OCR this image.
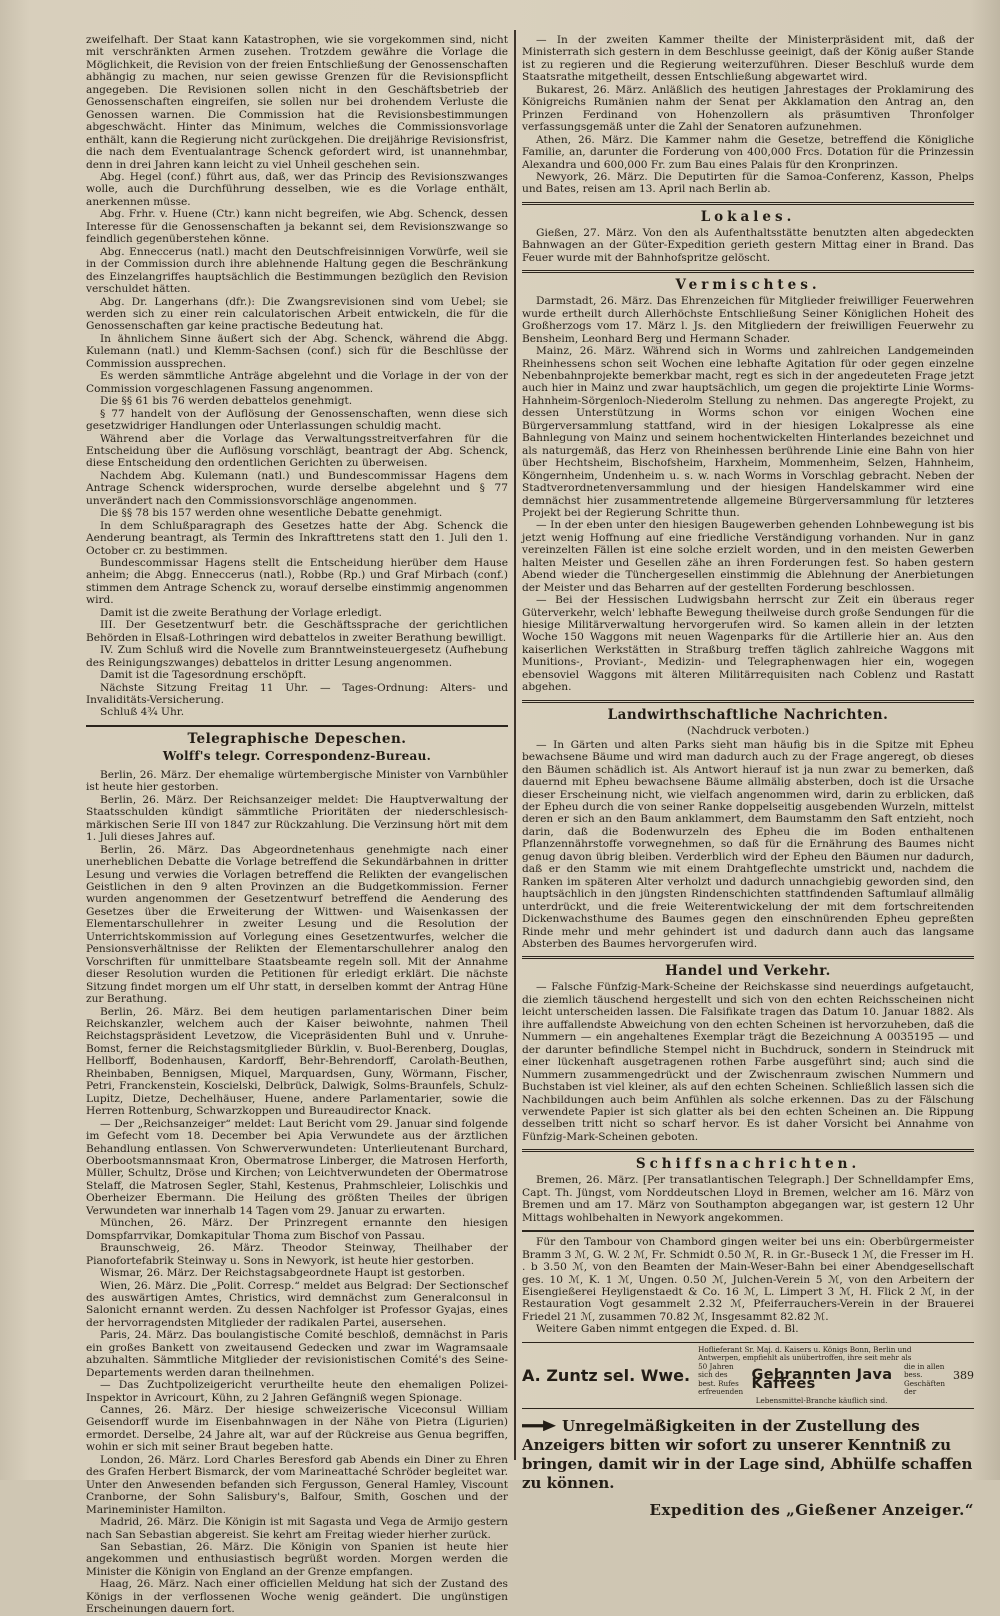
zweifelhaft. Der Staat kann Katastrophen, wie sie vorgekommen sind, nicht mit verschränkten Armen zusehen. Trotzdem gewähre die Vorlage die Möglichkeit, die Revision von der freien Entschließung der Genossenschaften abhängig zu machen, nur seien gewisse Grenzen für die Revisionspflicht angegeben. Die Revisionen sollen nicht in den Geschäftsbetrieb der Genossenschaften eingreifen, sie sollen nur bei drohendem Verluste die Genossen warnen. Die Commission hat die Revisionsbestimmungen abgeschwächt. Hinter das Minimum, welches die Commissionsvorlage enthält, kann die Regierung nicht zurückgehen. Die dreijährige Revisionsfrist, die nach dem Eventualantrage Schenck gefordert wird, ist unannehmbar, denn in drei Jahren kann leicht zu viel Unheil geschehen sein.

Abg. Hegel (conf.) führt aus, daß, wer das Princip des Revisionszwanges wolle, auch die Durchführung desselben, wie es die Vorlage enthält, anerkennen müsse.

Abg. Frhr. v. Huene (Ctr.) kann nicht begreifen, wie Abg. Schenck, dessen Interesse für die Genossenschaften ja bekannt sei, dem Revisionszwange so feindlich gegenüberstehen könne.

Abg. Enneccerus (natl.) macht den Deutschfreisinnigen Vorwürfe, weil sie in der Commission durch ihre ablehnende Haltung gegen die Beschränkung des Einzelangriffes hauptsächlich die Bestimmungen bezüglich den Revision verschuldet hätten.

Abg. Dr. Langerhans (dfr.): Die Zwangsrevisionen sind vom Uebel; sie werden sich zu einer rein calculatorischen Arbeit entwickeln, die für die Genossenschaften gar keine practische Bedeutung hat.

In ähnlichem Sinne äußert sich der Abg. Schenck, während die Abgg. Kulemann (natl.) und Klemm-Sachsen (conf.) sich für die Beschlüsse der Commission aussprechen.

Es werden sämmtliche Anträge abgelehnt und die Vorlage in der von der Commission vorgeschlagenen Fassung angenommen.

Die §§ 61 bis 76 werden debattelos genehmigt.

§ 77 handelt von der Auflösung der Genossenschaften, wenn diese sich gesetzwidriger Handlungen oder Unterlassungen schuldig macht.

Während aber die Vorlage das Verwaltungsstreitverfahren für die Entscheidung über die Auflösung vorschlägt, beantragt der Abg. Schenck, diese Entscheidung den ordentlichen Gerichten zu überweisen.

Nachdem Abg. Kulemann (natl.) und Bundescommissar Hagens dem Antrage Schenck widersprochen, wurde derselbe abgelehnt und § 77 unverändert nach den Commissionsvorschläge angenommen.

Die §§ 78 bis 157 werden ohne wesentliche Debatte genehmigt.

In dem Schlußparagraph des Gesetzes hatte der Abg. Schenck die Aenderung beantragt, als Termin des Inkrafttretens statt den 1. Juli den 1. October cr. zu bestimmen.

Bundescommissar Hagens stellt die Entscheidung hierüber dem Hause anheim; die Abgg. Enneccerus (natl.), Robbe (Rp.) und Graf Mirbach (conf.) stimmen dem Antrage Schenck zu, worauf derselbe einstimmig angenommen wird.

Damit ist die zweite Berathung der Vorlage erledigt.

III. Der Gesetzentwurf betr. die Geschäftssprache der gerichtlichen Behörden in Elsaß-Lothringen wird debattelos in zweiter Berathung bewilligt.

IV. Zum Schluß wird die Novelle zum Branntweinsteuergesetz (Aufhebung des Reinigungszwanges) debattelos in dritter Lesung angenommen.

Damit ist die Tagesordnung erschöpft.

Nächste Sitzung Freitag 11 Uhr. — Tages-Ordnung: Alters- und Invaliditäts-Versicherung.

Schluß 4¾ Uhr.

Telegraphische Depeschen.
Wolff's telegr. Correspondenz-Bureau.

Berlin, 26. März. Der ehemalige würtembergische Minister von Varnbühler ist heute hier gestorben.

Berlin, 26. März. Der Reichsanzeiger meldet: Die Hauptverwaltung der Staatsschulden kündigt sämmtliche Prioritäten der niederschlesisch-märkischen Serie III von 1847 zur Rückzahlung. Die Verzinsung hört mit dem 1. Juli dieses Jahres auf.

Berlin, 26. März. Das Abgeordnetenhaus genehmigte nach einer unerheblichen Debatte die Vorlage betreffend die Sekundärbahnen in dritter Lesung und verwies die Vorlagen betreffend die Relikten der evangelischen Geistlichen in den 9 alten Provinzen an die Budgetkommission. Ferner wurden angenommen der Gesetzentwurf betreffend die Aenderung des Gesetzes über die Erweiterung der Wittwen- und Waisenkassen der Elementarschullehrer in zweiter Lesung und die Resolution der Unterrichtskommission auf Vorlegung eines Gesetzentwurfes, welcher die Pensionsverhältnisse der Relikten der Elementarschullehrer analog den Vorschriften für unmittelbare Staatsbeamte regeln soll. Mit der Annahme dieser Resolution wurden die Petitionen für erledigt erklärt. Die nächste Sitzung findet morgen um elf Uhr statt, in derselben kommt der Antrag Hüne zur Berathung.

Berlin, 26. März. Bei dem heutigen parlamentarischen Diner beim Reichskanzler, welchem auch der Kaiser beiwohnte, nahmen Theil Reichstagspräsident Levetzow, die Vicepräsidenten Buhl und v. Unruhe-Bomst, ferner die Reichstagsmitglieder Bürklin, v. Buol-Berenberg, Douglas, Hellborff, Bodenhausen, Kardorff, Behr-Behrendorff, Carolath-Beuthen, Rheinbaben, Bennigsen, Miquel, Marquardsen, Guny, Wörmann, Fischer, Petri, Franckenstein, Koscielski, Delbrück, Dalwigk, Solms-Braunfels, Schulz-Lupitz, Dietze, Dechelhäuser, Huene, andere Parlamentarier, sowie die Herren Rottenburg, Schwarzkoppen und Bureaudirector Knack.

— Der „Reichsanzeiger“ meldet: Laut Bericht vom 29. Januar sind folgende im Gefecht vom 18. December bei Apia Verwundete aus der ärztlichen Behandlung entlassen. Von Schwerverwundeten: Unterlieutenant Burchard, Oberbootsmannsmaat Kron, Obermatrose Linberger, die Matrosen Herforth, Müller, Schultz, Dröse und Kirchen; von Leichtverwundeten der Obermatrose Stelaff, die Matrosen Segler, Stahl, Kestenus, Prahmschleier, Lolischkis und Oberheizer Ebermann. Die Heilung des größten Theiles der übrigen Verwundeten war innerhalb 14 Tagen vom 29. Januar zu erwarten.

München, 26. März. Der Prinzregent ernannte den hiesigen Domspfarrvikar, Domkapitular Thoma zum Bischof von Passau.

Braunschweig, 26. März. Theodor Steinway, Theilhaber der Pianofortefabrik Steinway u. Sons in Newyork, ist heute hier gestorben.

Wismar, 26. März. Der Reichstagsabgeordnete Haupt ist gestorben.

Wien, 26. März. Die „Polit. Corresp.“ meldet aus Belgrad: Der Sectionschef des auswärtigen Amtes, Christics, wird demnächst zum Generalconsul in Salonicht ernannt werden. Zu dessen Nachfolger ist Professor Gyajas, eines der hervorragendsten Mitglieder der radikalen Partei, ausersehen.

Paris, 24. März. Das boulangistische Comité beschloß, demnächst in Paris ein großes Bankett von zweitausend Gedecken und zwar im Wagramsaale abzuhalten. Sämmtliche Mitglieder der revisionistischen Comité's des Seine-Departements werden daran theilnehmen.

— Das Zuchtpolizeigericht verurtheilte heute den ehemaligen Polizei-Inspektor in Avricourt, Kühn, zu 2 Jahren Gefängniß wegen Spionage.

Cannes, 26. März. Der hiesige schweizerische Viceconsul William Geisendorff wurde im Eisenbahnwagen in der Nähe von Pietra (Ligurien) ermordet. Derselbe, 24 Jahre alt, war auf der Rückreise aus Genua begriffen, wohin er sich mit seiner Braut begeben hatte.

London, 26. März. Lord Charles Beresford gab Abends ein Diner zu Ehren des Grafen Herbert Bismarck, der vom Marineattaché Schröder begleitet war. Unter den Anwesenden befanden sich Fergusson, General Hamley, Viscount Cranborne, der Sohn Salisbury's, Balfour, Smith, Goschen und der Marineminister Hamilton.

Madrid, 26. März. Die Königin ist mit Sagasta und Vega de Armijo gestern nach San Sebastian abgereist. Sie kehrt am Freitag wieder hierher zurück.

San Sebastian, 26. März. Die Königin von Spanien ist heute hier angekommen und enthusiastisch begrüßt worden. Morgen werden die Minister die Königin von England an der Grenze empfangen.

Haag, 26. März. Nach einer officiellen Meldung hat sich der Zustand des Königs in der verflossenen Woche wenig geändert. Die ungünstigen Erscheinungen dauern fort.

— In der zweiten Kammer theilte der Ministerpräsident mit, daß der Ministerrath sich gestern in dem Beschlusse geeinigt, daß der König außer Stande ist zu regieren und die Regierung weiterzuführen. Dieser Beschluß wurde dem Staatsrathe mitgetheilt, dessen Entschließung abgewartet wird.

Bukarest, 26. März. Anläßlich des heutigen Jahrestages der Proklamirung des Königreichs Rumänien nahm der Senat per Akklamation den Antrag an, den Prinzen Ferdinand von Hohenzollern als präsumtiven Thronfolger verfassungsgemäß unter die Zahl der Senatoren aufzunehmen.

Athen, 26. März. Die Kammer nahm die Gesetze, betreffend die Königliche Familie, an, darunter die Forderung von 400,000 Frcs. Dotation für die Prinzessin Alexandra und 600,000 Fr. zum Bau eines Palais für den Kronprinzen.

Newyork, 26. März. Die Deputirten für die Samoa-Conferenz, Kasson, Phelps und Bates, reisen am 13. April nach Berlin ab.

Lokales.

Gießen, 27. März. Von den als Aufenthaltsstätte benutzten alten abgedeckten Bahnwagen an der Güter-Expedition gerieth gestern Mittag einer in Brand. Das Feuer wurde mit der Bahnhofspritze gelöscht.

Vermischtes.

Darmstadt, 26. März. Das Ehrenzeichen für Mitglieder freiwilliger Feuerwehren wurde ertheilt durch Allerhöchste Entschließung Seiner Königlichen Hoheit des Großherzogs vom 17. März l. Js. den Mitgliedern der freiwilligen Feuerwehr zu Bensheim, Leonhard Berg und Hermann Schader.

Mainz, 26. März. Während sich in Worms und zahlreichen Landgemeinden Rheinhessens schon seit Wochen eine lebhafte Agitation für oder gegen einzelne Nebenbahnprojekte bemerkbar macht, regt es sich in der angedeuteten Frage jetzt auch hier in Mainz und zwar hauptsächlich, um gegen die projektirte Linie Worms-Hahnheim-Sörgenloch-Niederolm Stellung zu nehmen. Das angeregte Projekt, zu dessen Unterstützung in Worms schon vor einigen Wochen eine Bürgerversammlung stattfand, wird in der hiesigen Lokalpresse als eine Bahnlegung von Mainz und seinem hochentwickelten Hinterlandes bezeichnet und als naturgemäß, das Herz von Rheinhessen berührende Linie eine Bahn von hier über Hechtsheim, Bischofsheim, Harxheim, Mommenheim, Selzen, Hahnheim, Köngernheim, Undenheim u. s. w. nach Worms in Vorschlag gebracht. Neben der Stadtverordnetenversammlung und der hiesigen Handelskammer wird eine demnächst hier zusammentretende allgemeine Bürgerversammlung für letzteres Projekt bei der Regierung Schritte thun.

— In der eben unter den hiesigen Baugewerben gehenden Lohnbewegung ist bis jetzt wenig Hoffnung auf eine friedliche Verständigung vorhanden. Nur in ganz vereinzelten Fällen ist eine solche erzielt worden, und in den meisten Gewerben halten Meister und Gesellen zähe an ihren Forderungen fest. So haben gestern Abend wieder die Tünchergesellen einstimmig die Ablehnung der Anerbietungen der Meister und das Beharren auf der gestellten Forderung beschlossen.

— Bei der Hessischen Ludwigsbahn herrscht zur Zeit ein überaus reger Güterverkehr, welch' lebhafte Bewegung theilweise durch große Sendungen für die hiesige Militärverwaltung hervorgerufen wird. So kamen allein in der letzten Woche 150 Waggons mit neuen Wagenparks für die Artillerie hier an. Aus den kaiserlichen Werkstätten in Straßburg treffen täglich zahlreiche Waggons mit Munitions-, Proviant-, Medizin- und Telegraphenwagen hier ein, wogegen ebensoviel Waggons mit älteren Militärrequisiten nach Coblenz und Rastatt abgehen.

Landwirthschaftliche Nachrichten.
(Nachdruck verboten.)

— In Gärten und alten Parks sieht man häufig bis in die Spitze mit Epheu bewachsene Bäume und wird man dadurch auch zu der Frage angeregt, ob dieses den Bäumen schädlich ist. Als Antwort hierauf ist ja nun zwar zu bemerken, daß dauernd mit Epheu bewachsene Bäume allmälig absterben, doch ist die Ursache dieser Erscheinung nicht, wie vielfach angenommen wird, darin zu erblicken, daß der Epheu durch die von seiner Ranke doppelseitig ausgebenden Wurzeln, mittelst deren er sich an den Baum anklammert, dem Baumstamm den Saft entzieht, noch darin, daß die Bodenwurzeln des Epheu die im Boden enthaltenen Pflanzennährstoffe vorwegnehmen, so daß für die Ernährung des Baumes nicht genug davon übrig bleiben. Verderblich wird der Epheu den Bäumen nur dadurch, daß er den Stamm wie mit einem Drahtgeflechte umstrickt und, nachdem die Ranken im späteren Alter verholzt und dadurch unnachgiebig geworden sind, den hauptsächlich in den jüngsten Rindenschichten stattfindenden Saftumlauf allmälig unterdrückt, und die freie Weiterentwickelung der mit dem fortschreitenden Dickenwachsthume des Baumes gegen den einschnürenden Epheu gepreßten Rinde mehr und mehr gehindert ist und dadurch dann auch das langsame Absterben des Baumes hervorgerufen wird.

Handel und Verkehr.

— Falsche Fünfzig-Mark-Scheine der Reichskasse sind neuerdings aufgetaucht, die ziemlich täuschend hergestellt und sich von den echten Reichsscheinen nicht leicht unterscheiden lassen. Die Falsifikate tragen das Datum 10. Januar 1882. Als ihre auffallendste Abweichung von den echten Scheinen ist hervorzuheben, daß die Nummern — ein angehaltenes Exemplar trägt die Bezeichnung A 0035195 — und der darunter befindliche Stempel nicht in Buchdruck, sondern in Steindruck mit einer lückenhaft ausgetragenen rothen Farbe ausgeführt sind; auch sind die Nummern zusammengedrückt und der Zwischenraum zwischen Nummern und Buchstaben ist viel kleiner, als auf den echten Scheinen. Schließlich lassen sich die Nachbildungen auch beim Anfühlen als solche erkennen. Das zu der Fälschung verwendete Papier ist sich glatter als bei den echten Scheinen an. Die Rippung desselben tritt nicht so scharf hervor. Es ist daher Vorsicht bei Annahme von Fünfzig-Mark-Scheinen geboten.

Schiffsnachrichten.

Bremen, 26. März. [Per transatlantischen Telegraph.] Der Schnelldampfer Ems, Capt. Th. Jüngst, vom Norddeutschen Lloyd in Bremen, welcher am 16. März von Bremen und am 17. März von Southampton abgegangen war, ist gestern 12 Uhr Mittags wohlbehalten in Newyork angekommen.

Für den Tambour von Chambord gingen weiter bei uns ein: Oberbürgermeister Bramm 3 ℳ, G. W. 2 ℳ, Fr. Schmidt 0.50 ℳ, R. in Gr.-Buseck 1 ℳ, die Fresser im H. . b 3.50 ℳ, von den Beamten der Main-Weser-Bahn bei einer Abendgesellschaft ges. 10 ℳ, K. 1 ℳ, Ungen. 0.50 ℳ, Julchen-Verein 5 ℳ, von den Arbeitern der Eisengießerei Heyligenstaedt & Co. 16 ℳ, L. Limpert 3 ℳ, H. Flick 2 ℳ, in der Restauration Vogt gesammelt 2.32 ℳ, Pfeiferrauchers-Verein in der Brauerei Friedel 21 ℳ, zusammen 70.82 ℳ, Insgesammt 82.82 ℳ.

Weitere Gaben nimmt entgegen die Exped. d. Bl.

A. Zuntz sel. Wwe.
Hoflieferant Sr. Maj. d. Kaisers u. Königs Bonn, Berlin und Antwerpen, empfiehlt als unübertroffen, ihre seit mehr als
50 Jahren sich des best. Rufes erfreuenden
Gebrannten Java Kaffees
die in allen bess. Geschäften der
Lebensmittel-Branche käuflich sind.
389

Unregelmäßigkeiten in der Zustellung des Anzeigers bitten wir sofort zu unserer Kenntniß zu bringen, damit wir in der Lage sind, Abhülfe schaffen zu können.

Expedition des „Gießener Anzeiger.“
